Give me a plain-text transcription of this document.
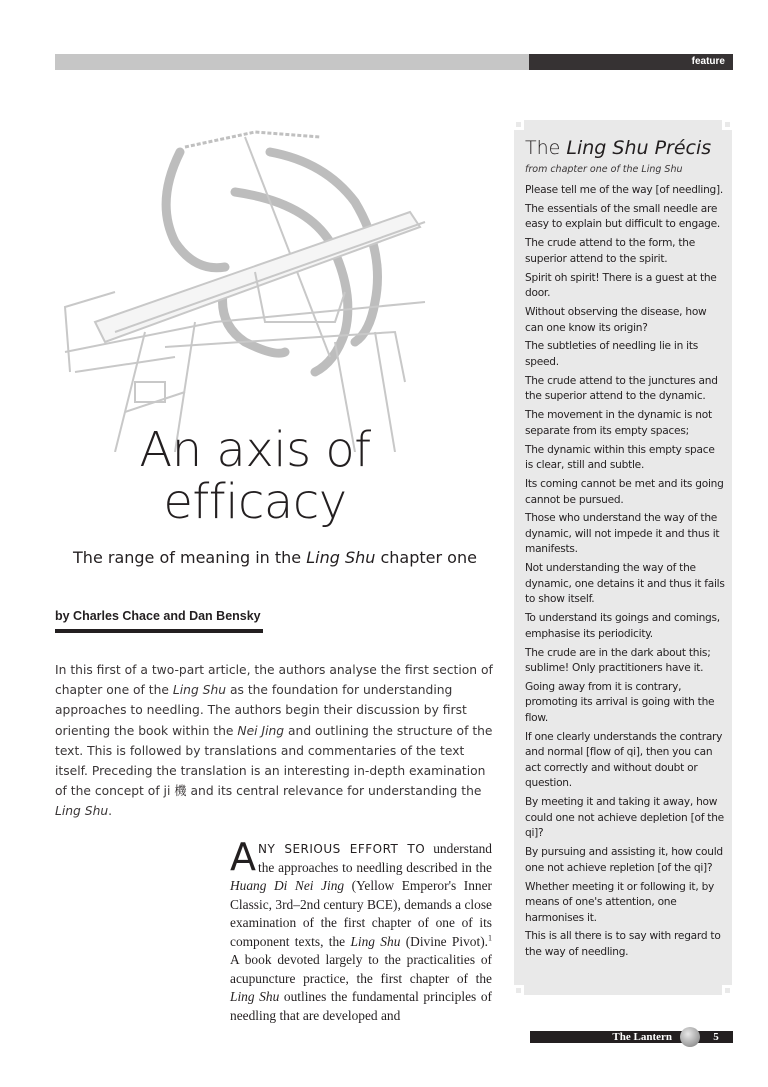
feature
An axis of
efficacy
The range of meaning in the Ling Shu chapter one
by Charles Chace and Dan Bensky
In this first of a two-part article, the authors analyse the first section of chapter one of the Ling Shu as the foundation for understanding approaches to needling. The authors begin their discussion by first orienting the book within the Nei Jing and outlining the structure of the text. This is followed by translations and commentaries of the text itself. Preceding the translation is an interesting in-depth examination of the concept of ji 機 and its central relevance for understanding the Ling Shu.
ANY SERIOUS EFFORT TO understand the approaches to needling described in the Huang Di Nei Jing (Yellow Emperor's Inner Classic, 3rd–2nd century BCE), demands a close examination of the first chapter of one of its component texts, the Ling Shu (Divine Pivot).$^1$ A book devoted largely to the practicalities of acupuncture practice, the first chapter of the Ling Shu outlines the fundamental principles of needling that are developed and
The Ling Shu Précis
from chapter one of the Ling Shu
Please tell me of the way [of needling].
The essentials of the small needle are easy to explain but difficult to engage.
The crude attend to the form, the superior attend to the spirit.
Spirit oh spirit! There is a guest at the door.
Without observing the disease, how can one know its origin?
The subtleties of needling lie in its speed.
The crude attend to the junctures and the superior attend to the dynamic.
The movement in the dynamic is not separate from its empty spaces;
The dynamic within this empty space is clear, still and subtle.
Its coming cannot be met and its going cannot be pursued.
Those who understand the way of the dynamic, will not impede it and thus it manifests.
Not understanding the way of the dynamic, one detains it and thus it fails to show itself.
To understand its goings and comings, emphasise its periodicity.
The crude are in the dark about this; sublime! Only practitioners have it.
Going away from it is contrary, promoting its arrival is going with the flow.
If one clearly understands the contrary and normal [flow of qi], then you can act correctly and without doubt or question.
By meeting it and taking it away, how could one not achieve depletion [of the qi]?
By pursuing and assisting it, how could one not achieve repletion [of the qi]?
Whether meeting it or following it, by means of one's attention, one harmonises it.
This is all there is to say with regard to the way of needling.
The Lantern	5
